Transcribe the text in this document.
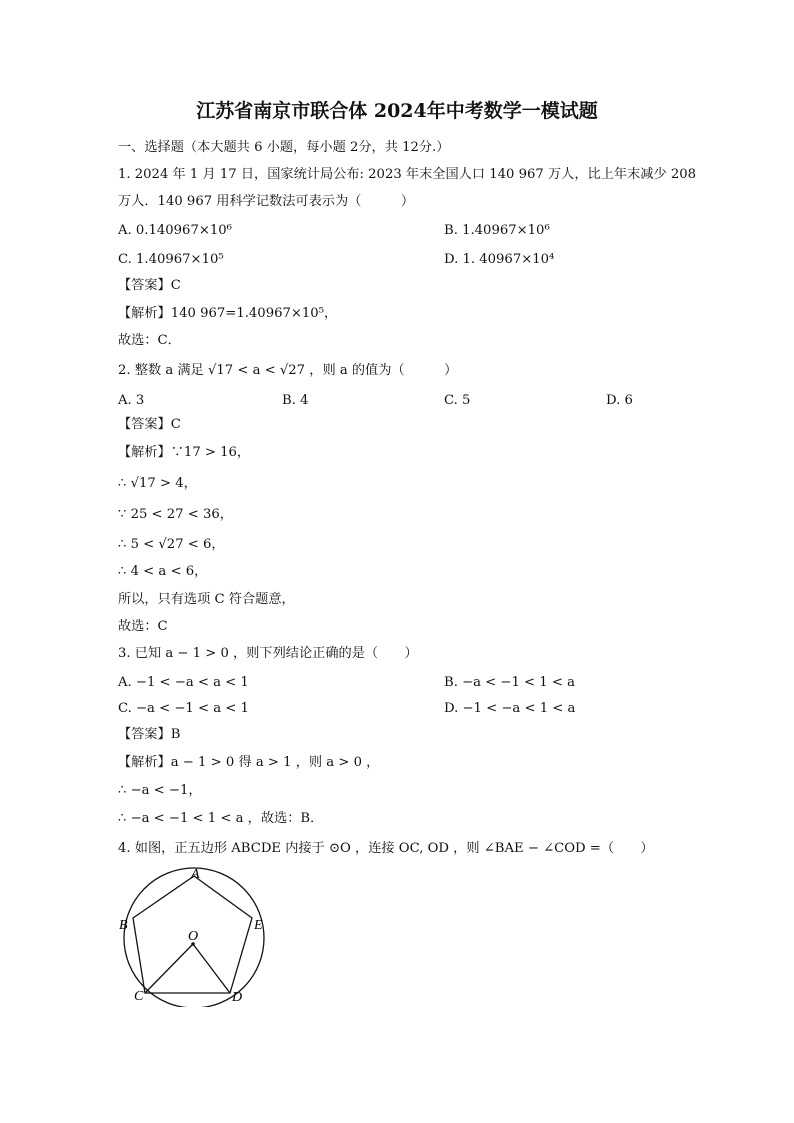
江苏省南京市联合体 2024年中考数学一模试题
一、选择题（本大题共 6 小题，每小题 2分，共 12分.）
1. 2024 年 1 月 17 日，国家统计局公布: 2023 年末全国人口 140 967 万人，比上年末减少 208
万人．140 967 用科学记数法可表示为（　　　）
A. 0.140967×10⁶	B. 1.40967×10⁶
C. 1.40967×10⁵	D. 1. 40967×10⁴
【答案】C
【解析】140 967=1.40967×10⁵，
故选：C．
2. 整数 a 满足 √17 < a < √27 ，则 a 的值为（　　　）
A. 3	B. 4	C. 5	D. 6
【答案】C
【解析】∵17 > 16，
∴ √17 > 4，
∵ 25 < 27 < 36，
∴ 5 < √27 < 6，
∴ 4 < a < 6，
所以，只有选项 C 符合题意，
故选：C
3. 已知 a − 1 > 0 ，则下列结论正确的是（　　）
A. −1 < −a < a < 1	B. −a < −1 < 1 < a
C. −a < −1 < a < 1	D. −1 < −a < 1 < a
【答案】B
【解析】a − 1 > 0 得 a > 1 ，则 a > 0 ，
∴ −a < −1，
∴ −a < −1 < 1 < a ，故选：B．
4. 如图，正五边形 ABCDE 内接于 ⊙O ，连接 OC, OD ，则 ∠BAE − ∠COD =（　　）
A
B	E
O
C	D
